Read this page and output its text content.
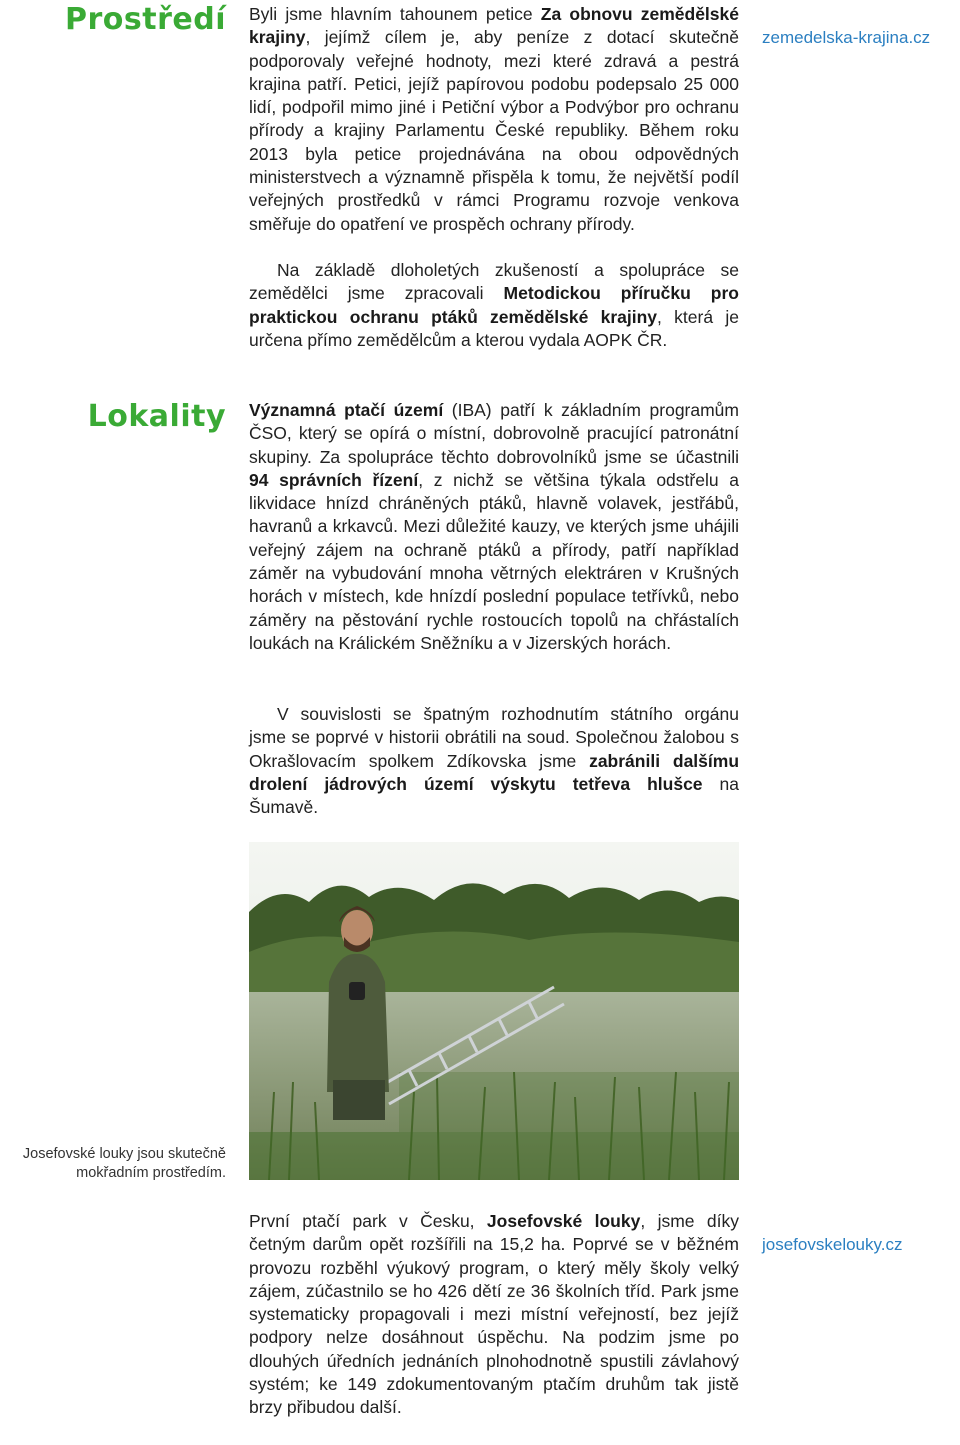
Prostředí Byli jsme hlavním tahounem petice Za obnovu zemědělské krajiny, jejímž cílem je, aby peníze z dotací skutečně podporovaly veřejné hodnoty, mezi které zdravá a pestrá krajina patří. Petici, jejíž papírovou podobu podepsalo 25 000 lidí, podpořil mimo jiné i Petiční výbor a Podvýbor pro ochranu přírody a krajiny Parlamentu České republiky. Během roku 2013 byla petice projednávána na obou odpovědných ministerstvech a významně přispěla k tomu, že největší podíl veřejných prostředků v rámci Programu rozvoje venkova směřuje do opatření ve prospěch ochrany přírody.

Na základě dloholetých zkušeností a spolupráce se zemědělci jsme zpracovali Metodickou příručku pro praktickou ochranu ptáků zemědělské krajiny, která je určena přímo zemědělcům a kterou vydala AOPK ČR.

zemedelska-krajina.cz
Lokality Významná ptačí území (IBA) patří k základním programům ČSO, který se opírá o místní, dobrovolně pracující patronátní skupiny. Za spolupráce těchto dobrovolníků jsme se účastnili 94 správních řízení, z nichž se většina týkala odstřelu a likvidace hnízd chráněných ptáků, hlavně volavek, jestřábů, havranů a krkavců. Mezi důležité kauzy, ve kterých jsme uhájili veřejný zájem na ochraně ptáků a přírody, patří například záměr na vybudování mnoha větrných elektráren v Krušných horách v místech, kde hnízdí poslední populace tetřívků, nebo záměry na pěstování rychle rostoucích topolů na chřástalích loukách na Králickém Sněžníku a v Jizerských horách.

V souvislosti se špatným rozhodnutím státního orgánu jsme se poprvé v historii obrátili na soud. Společnou žalobou s Okrašlovacím spolkem Zdíkovska jsme zabránili dalšímu drolení jádrových území výskytu tetřeva hlušce na Šumavě.

Josefovské louky jsou skutečně mokřadním prostředím.

První ptačí park v Česku, Josefovské louky, jsme díky četným darům opět rozšířili na 15,2 ha. Poprvé se v běžném provozu rozběhl výukový program, o který měly školy velký zájem, zúčastnilo se ho 426 dětí ze 36 školních tříd. Park jsme systematicky propagovali i mezi místní veřejností, bez jejíž podpory nelze dosáhnout úspěchu. Na podzim jsme po dlouhých úředních jednáních plnohodnotně spustili závlahový systém; ke 149 zdokumentovaným ptačím druhům tak jistě brzy přibudou další.

josefovskelouky.cz
